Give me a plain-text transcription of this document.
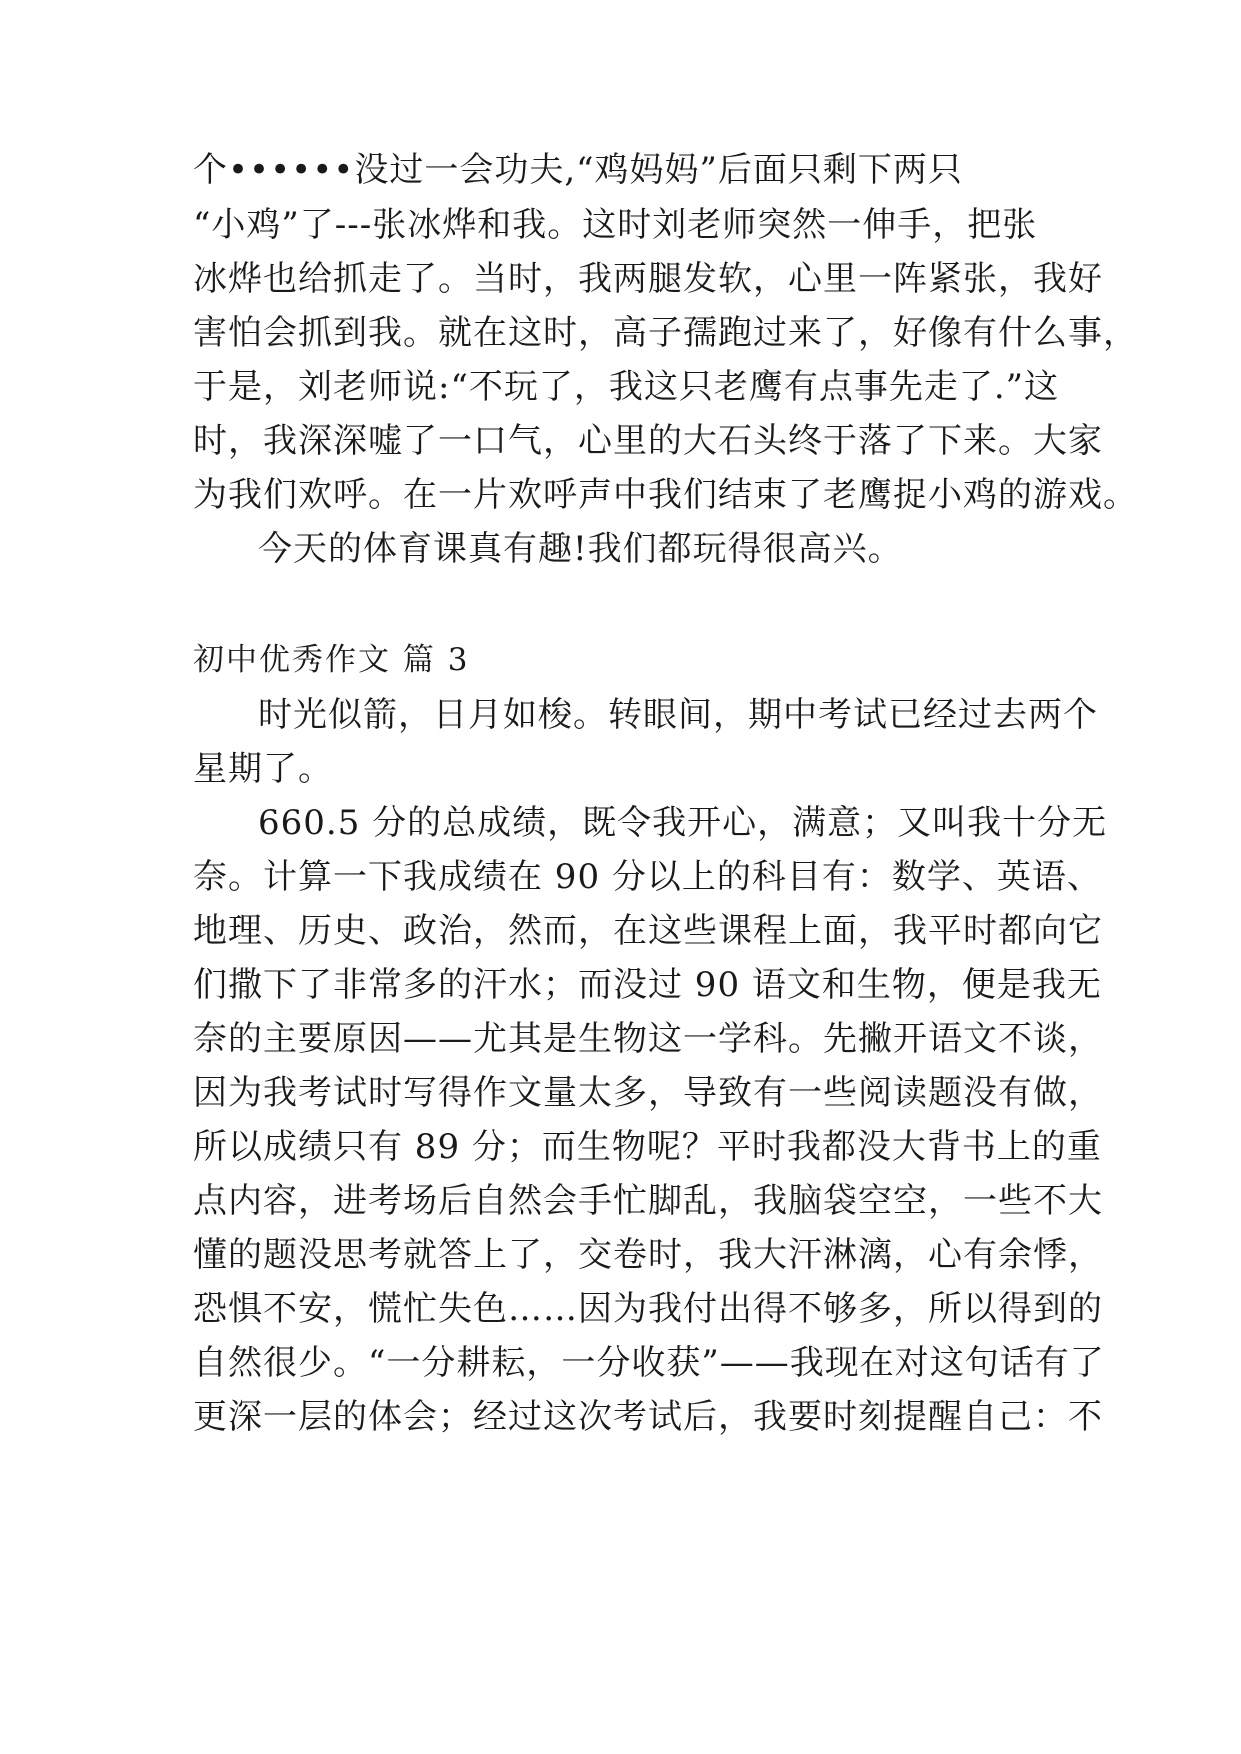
个••••••没过一会功夫,“鸡妈妈”后面只剩下两只
“小鸡”了---张冰烨和我。这时刘老师突然一伸手，把张
冰烨也给抓走了。当时，我两腿发软，心里一阵紧张，我好
害怕会抓到我。就在这时，高子孺跑过来了，好像有什么事，
于是，刘老师说:“不玩了，我这只老鹰有点事先走了.”这
时，我深深嘘了一口气，心里的大石头终于落了下来。大家
为我们欢呼。在一片欢呼声中我们结束了老鹰捉小鸡的游戏。
今天的体育课真有趣!我们都玩得很高兴。
初中优秀作文 篇 3
时光似箭，日月如梭。转眼间，期中考试已经过去两个
星期了。
660.5 分的总成绩，既令我开心，满意；又叫我十分无
奈。计算一下我成绩在 90 分以上的科目有：数学、英语、
地理、历史、政治，然而，在这些课程上面，我平时都向它
们撒下了非常多的汗水；而没过 90 语文和生物，便是我无
奈的主要原因——尤其是生物这一学科。先撇开语文不谈，
因为我考试时写得作文量太多，导致有一些阅读题没有做，
所以成绩只有 89 分；而生物呢？平时我都没大背书上的重
点内容，进考场后自然会手忙脚乱，我脑袋空空，一些不大
懂的题没思考就答上了，交卷时，我大汗淋漓，心有余悸，
恐惧不安，慌忙失色……因为我付出得不够多，所以得到的
自然很少。“一分耕耘，一分收获”——我现在对这句话有了
更深一层的体会；经过这次考试后，我要时刻提醒自己：不
